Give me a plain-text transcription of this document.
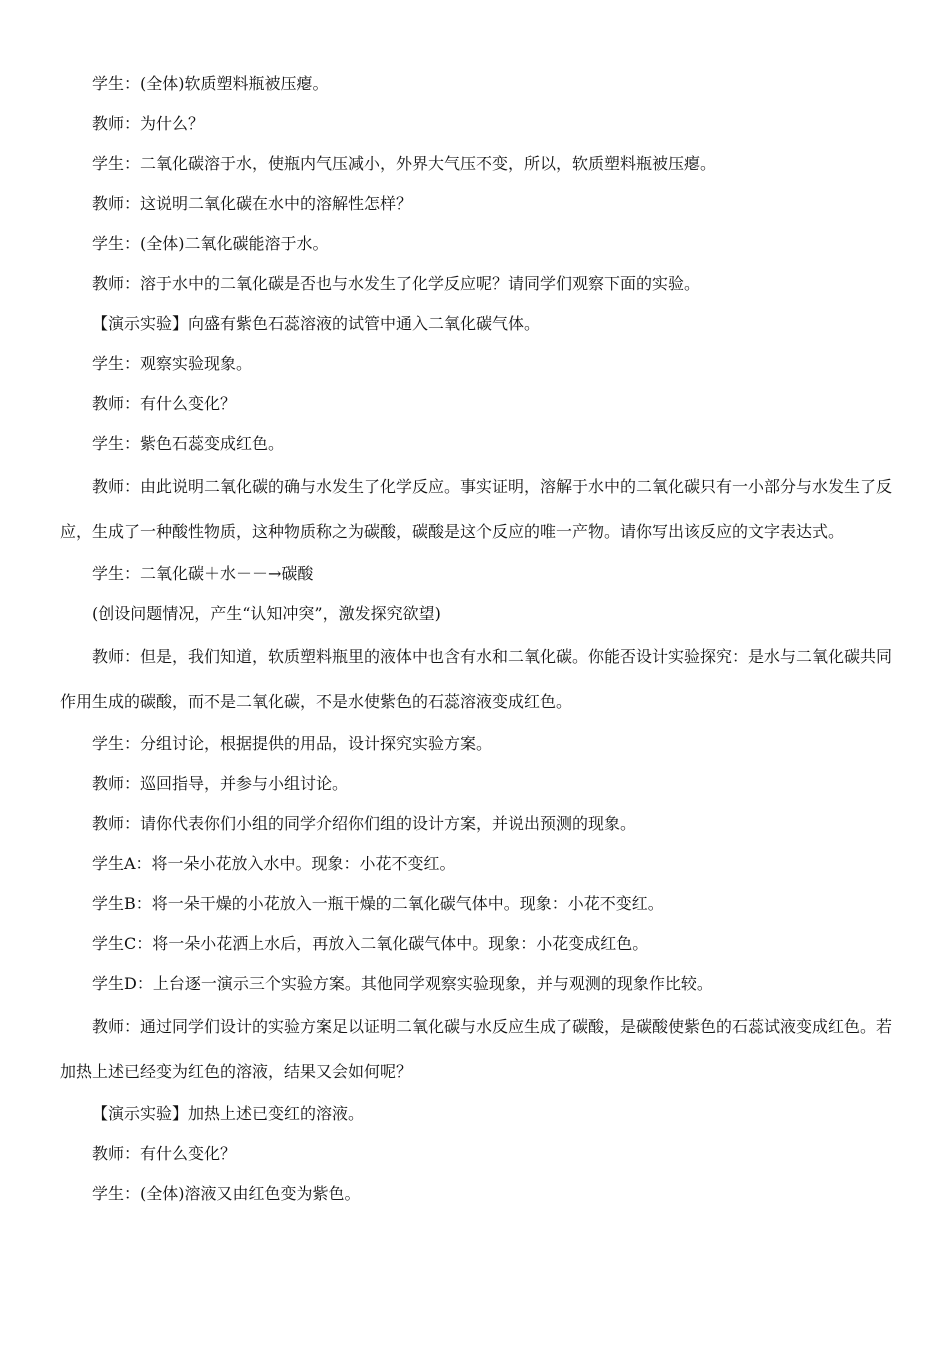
学生：(全体)软质塑料瓶被压瘪。

教师：为什么？

学生：二氧化碳溶于水，使瓶内气压减小，外界大气压不变，所以，软质塑料瓶被压瘪。

教师：这说明二氧化碳在水中的溶解性怎样？

学生：(全体)二氧化碳能溶于水。

教师：溶于水中的二氧化碳是否也与水发生了化学反应呢？请同学们观察下面的实验。

【演示实验】向盛有紫色石蕊溶液的试管中通入二氧化碳气体。

学生：观察实验现象。

教师：有什么变化？

学生：紫色石蕊变成红色。

教师：由此说明二氧化碳的确与水发生了化学反应。事实证明，溶解于水中的二氧化碳只有一小部分与水发生了反应，生成了一种酸性物质，这种物质称之为碳酸，碳酸是这个反应的唯一产物。请你写出该反应的文字表达式。

学生：二氧化碳＋水－－→碳酸

(创设问题情况，产生“认知冲突”，激发探究欲望)

教师：但是，我们知道，软质塑料瓶里的液体中也含有水和二氧化碳。你能否设计实验探究：是水与二氧化碳共同作用生成的碳酸，而不是二氧化碳，不是水使紫色的石蕊溶液变成红色。

学生：分组讨论，根据提供的用品，设计探究实验方案。

教师：巡回指导，并参与小组讨论。

教师：请你代表你们小组的同学介绍你们组的设计方案，并说出预测的现象。

学生A：将一朵小花放入水中。现象：小花不变红。

学生B：将一朵干燥的小花放入一瓶干燥的二氧化碳气体中。现象：小花不变红。

学生C：将一朵小花洒上水后，再放入二氧化碳气体中。现象：小花变成红色。

学生D：上台逐一演示三个实验方案。其他同学观察实验现象，并与观测的现象作比较。

教师：通过同学们设计的实验方案足以证明二氧化碳与水反应生成了碳酸，是碳酸使紫色的石蕊试液变成红色。若加热上述已经变为红色的溶液，结果又会如何呢？

【演示实验】加热上述已变红的溶液。

教师：有什么变化？

学生：(全体)溶液又由红色变为紫色。
